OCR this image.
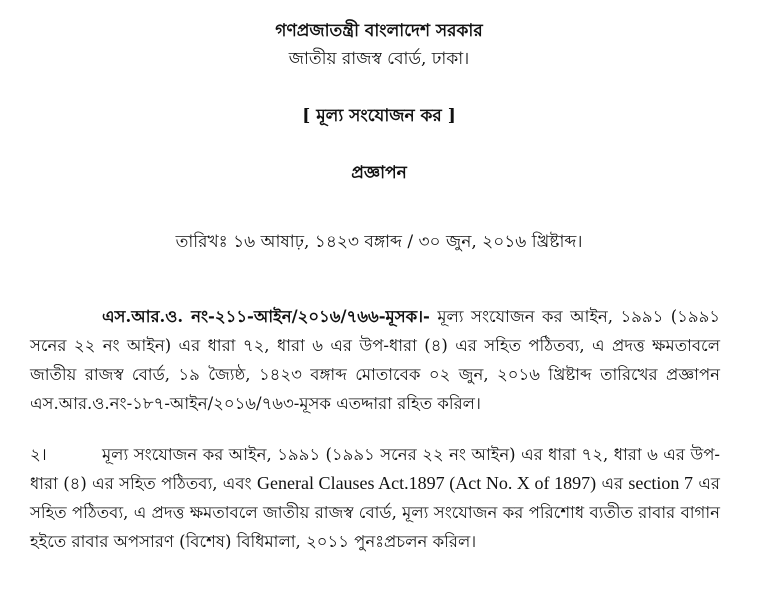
গণপ্রজাতন্ত্রী বাংলাদেশ সরকার
জাতীয় রাজস্ব বোর্ড, ঢাকা।
[ মূল্য সংযোজন কর ]
প্রজ্ঞাপন
তারিখঃ ১৬ আষাঢ়, ১৪২৩ বঙ্গাব্দ / ৩০ জুন, ২০১৬ খ্রিষ্টাব্দ।

এস.আর.ও. নং-২১১-আইন/২০১৬/৭৬৬-মূসক।- মূল্য সংযোজন কর আইন, ১৯৯১ (১৯৯১ সনের ২২ নং আইন) এর ধারা ৭২, ধারা ৬ এর উপ-ধারা (৪) এর সহিত পঠিতব্য, এ প্রদত্ত ক্ষমতাবলে জাতীয় রাজস্ব বোর্ড, ১৯ জ্যৈষ্ঠ, ১৪২৩ বঙ্গাব্দ মোতাবেক ০২ জুন, ২০১৬ খ্রিষ্টাব্দ তারিখের প্রজ্ঞাপন এস.আর.ও.নং-১৮৭-আইন/২০১৬/৭৬৩-মূসক এতদ্দারা রহিত করিল।

২।	মূল্য সংযোজন কর আইন, ১৯৯১ (১৯৯১ সনের ২২ নং আইন) এর ধারা ৭২, ধারা ৬ এর উপ-ধারা (৪) এর সহিত পঠিতব্য, এবং General Clauses Act.1897 (Act No. X of 1897) এর section 7 এর সহিত পঠিতব্য, এ প্রদত্ত ক্ষমতাবলে জাতীয় রাজস্ব বোর্ড, মূল্য সংযোজন কর পরিশোধ ব্যতীত রাবার বাগান হইতে রাবার অপসারণ (বিশেষ) বিধিমালা, ২০১১ পুনঃপ্রচলন করিল।
